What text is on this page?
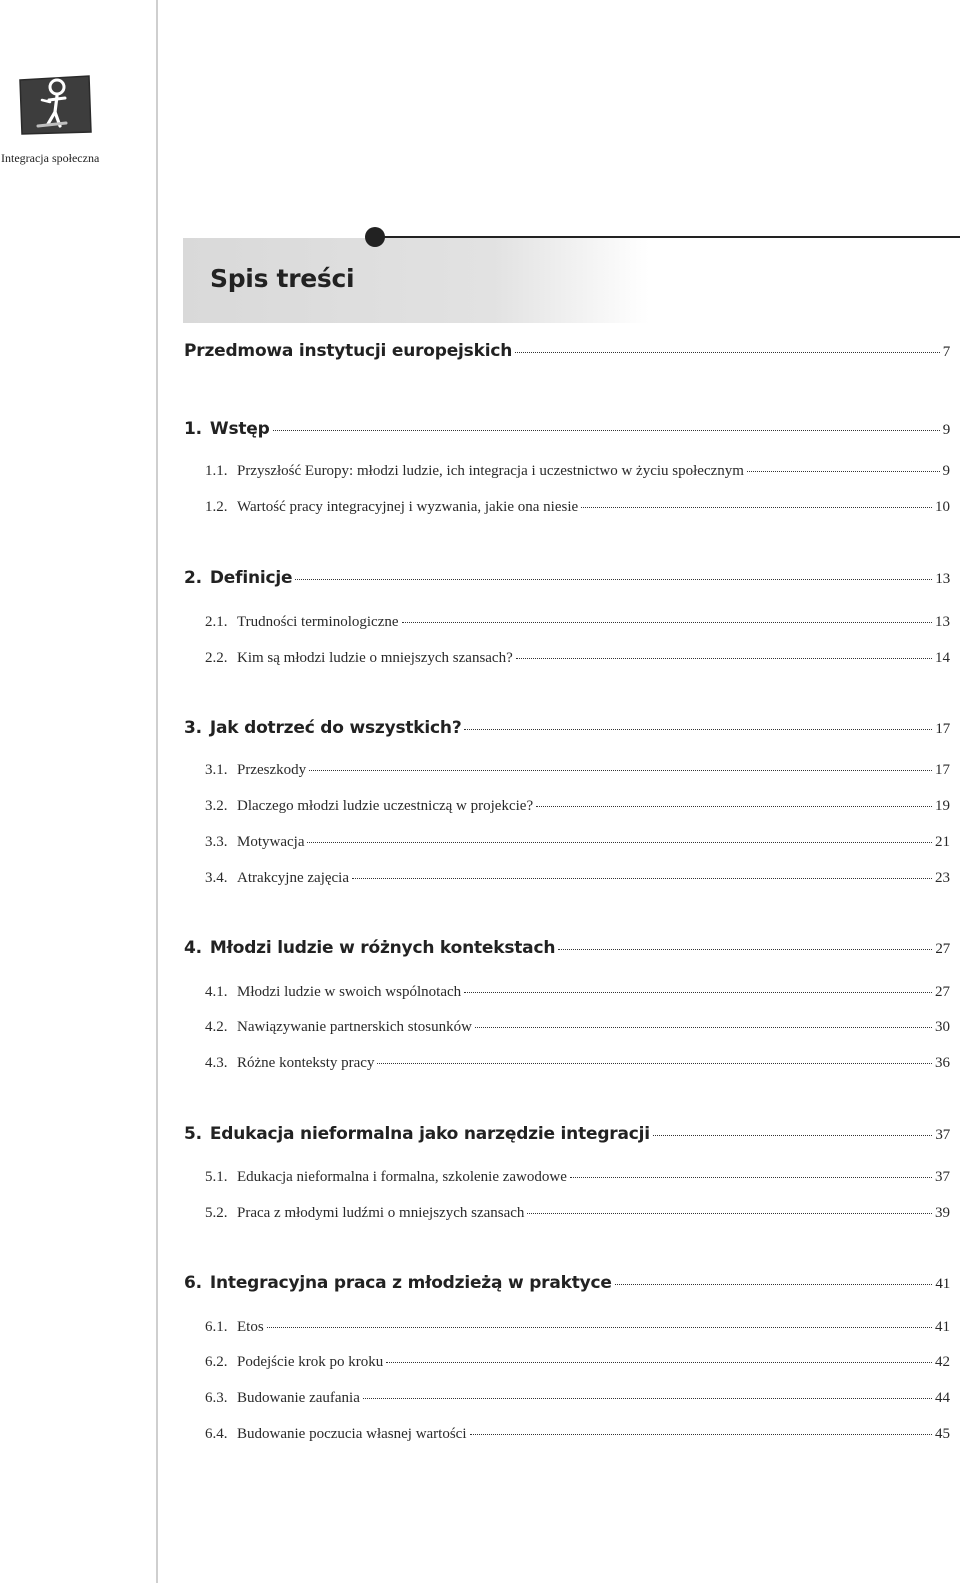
Integracja społeczna
Spis treści
Przedmowa instytucji europejskich	7
1. Wstęp	9
1.1. Przyszłość Europy: młodzi ludzie, ich integracja i uczestnictwo w życiu społecznym	9
1.2. Wartość pracy integracyjnej i wyzwania, jakie ona niesie	10
2. Definicje	13
2.1. Trudności terminologiczne	13
2.2. Kim są młodzi ludzie o mniejszych szansach?	14
3. Jak dotrzeć do wszystkich?	17
3.1. Przeszkody	17
3.2. Dlaczego młodzi ludzie uczestniczą w projekcie?	19
3.3. Motywacja	21
3.4. Atrakcyjne zajęcia	23
4. Młodzi ludzie w różnych kontekstach	27
4.1. Młodzi ludzie w swoich wspólnotach	27
4.2. Nawiązywanie partnerskich stosunków	30
4.3. Różne konteksty pracy	36
5. Edukacja nieformalna jako narzędzie integracji	37
5.1. Edukacja nieformalna i formalna, szkolenie zawodowe	37
5.2. Praca z młodymi ludźmi o mniejszych szansach	39
6. Integracyjna praca z młodzieżą w praktyce	41
6.1. Etos	41
6.2. Podejście krok po kroku	42
6.3. Budowanie zaufania	44
6.4. Budowanie poczucia własnej wartości	45
